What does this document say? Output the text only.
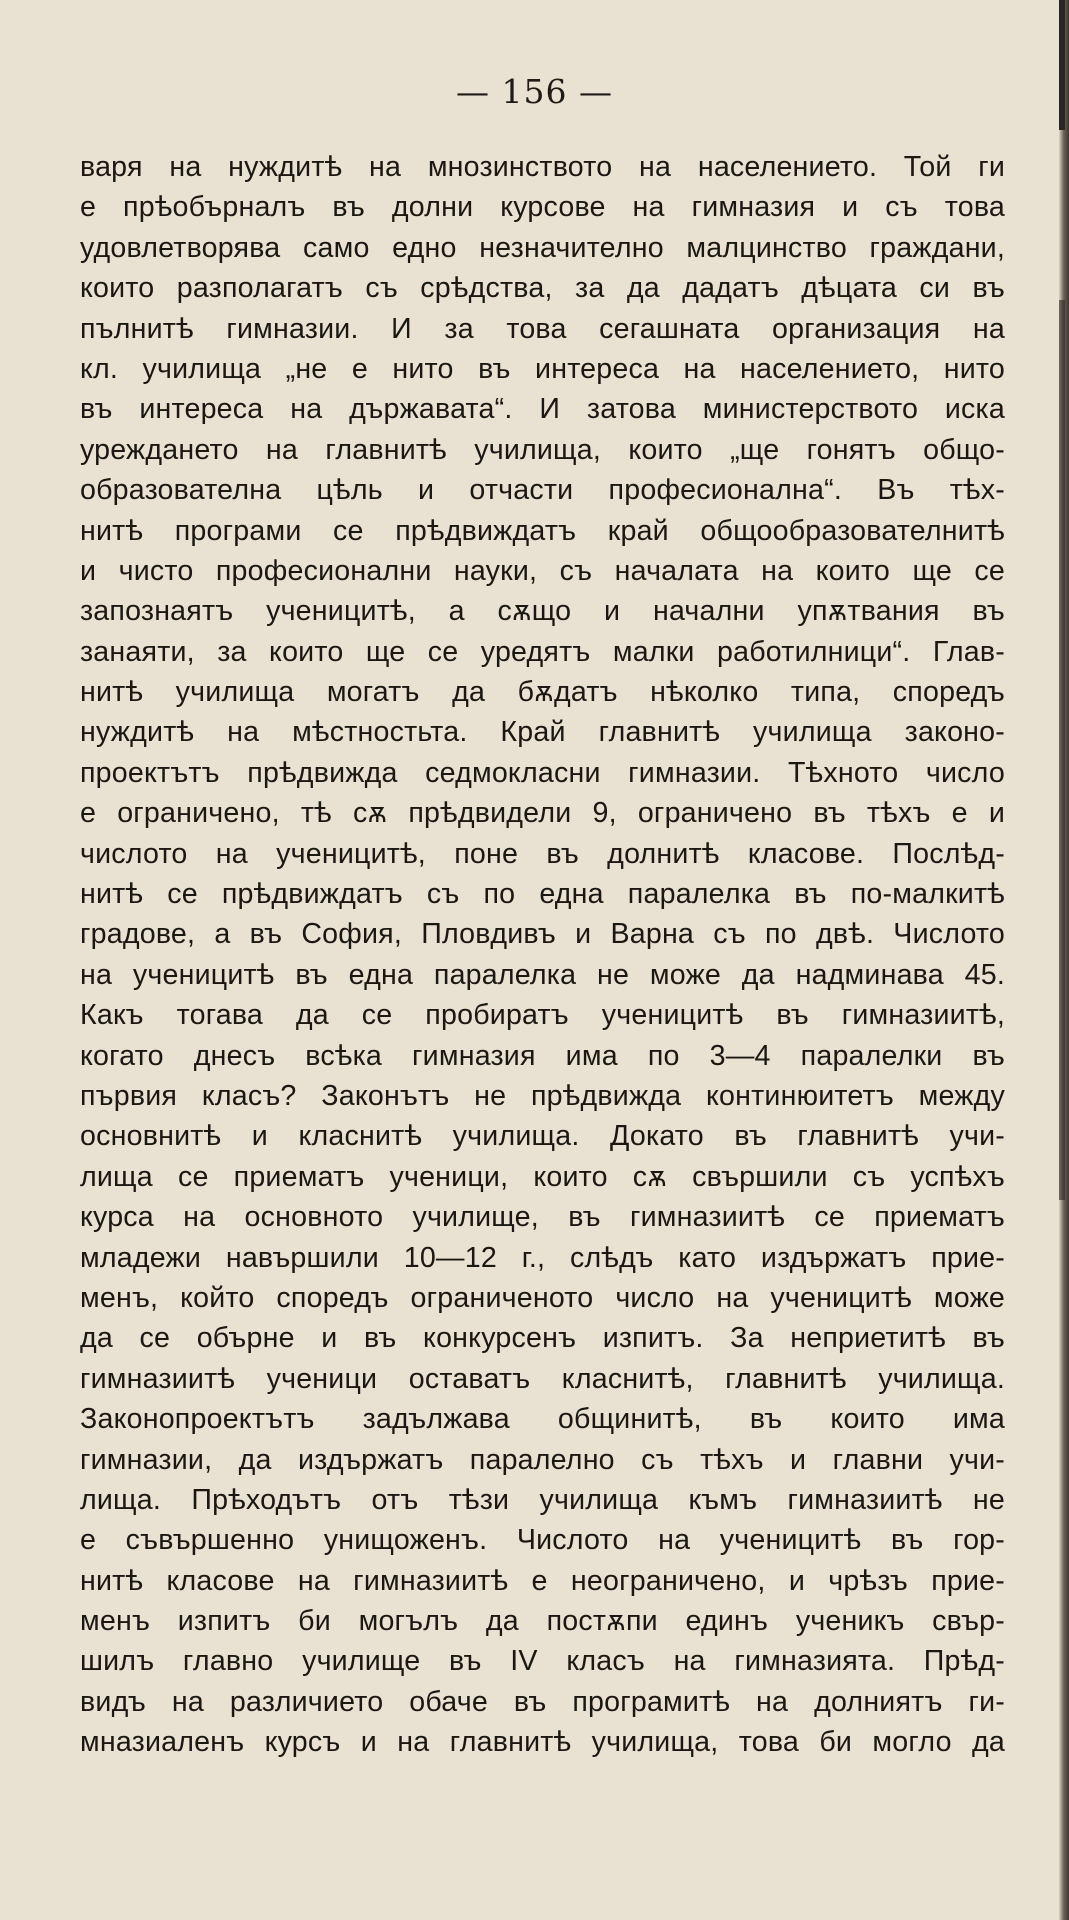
— 156 —
варя на нуждитѣ на мнозинството на населението. Той ги
е прѣобърналъ въ долни курсове на гимназия и съ това
удовлетворява само едно незначително малцинство граждани,
които разполагатъ съ срѣдства, за да дадатъ дѣцата си въ
пълнитѣ гимназии. И за това сегашната организация на
кл. училища „не е нито въ интереса на населението, нито
въ интереса на държавата“. И затова министерството иска
уреждането на главнитѣ училища, които „ще гонятъ общо-
образователна цѣль и отчасти професионална“. Въ тѣх-
нитѣ програми се прѣдвиждатъ край общообразователнитѣ
и чисто професионални науки, съ началата на които ще се
запознаятъ ученицитѣ, а сѫщо и начални упѫтвания въ
занаяти, за които ще се уредятъ малки работилници“. Глав-
нитѣ училища могатъ да бѫдатъ нѣколко типа, споредъ
нуждитѣ на мѣстностьта. Край главнитѣ училища законо-
проектътъ прѣдвижда седмокласни гимназии. Тѣхното число
е ограничено, тѣ сѫ прѣдвидели 9, ограничено въ тѣхъ е и
числото на ученицитѣ, поне въ долнитѣ класове. Послѣд-
нитѣ се прѣдвиждатъ съ по една паралелка въ по-малкитѣ
градове, а въ София, Пловдивъ и Варна съ по двѣ. Числото
на ученицитѣ въ една паралелка не може да надминава 45.
Какъ тогава да се пробиратъ ученицитѣ въ гимназиитѣ,
когато днесъ всѣка гимназия има по 3—4 паралелки въ
първия класъ? Законътъ не прѣдвижда континюитетъ между
основнитѣ и класнитѣ училища. Докато въ главнитѣ учи-
лища се приематъ ученици, които сѫ свършили съ успѣхъ
курса на основното училище, въ гимназиитѣ се приематъ
младежи навършили 10—12 г., слѣдъ като издържатъ прие-
менъ, който споредъ ограниченото число на ученицитѣ може
да се обърне и въ конкурсенъ изпитъ. За неприетитѣ въ
гимназиитѣ ученици оставатъ класнитѣ, главнитѣ училища.
Законопроектътъ задължава общинитѣ, въ които има
гимназии, да издържатъ паралелно съ тѣхъ и главни учи-
лища. Прѣходътъ отъ тѣзи училища къмъ гимназиитѣ не
е съвършенно унищоженъ. Числото на ученицитѣ въ гор-
нитѣ класове на гимназиитѣ е неограничено, и чрѣзъ прие-
менъ изпитъ би могълъ да постѫпи единъ ученикъ свър-
шилъ главно училище въ IV класъ на гимназията. Прѣд-
видъ на различието обаче въ програмитѣ на долниятъ ги-
мназиаленъ курсъ и на главнитѣ училища, това би могло да
